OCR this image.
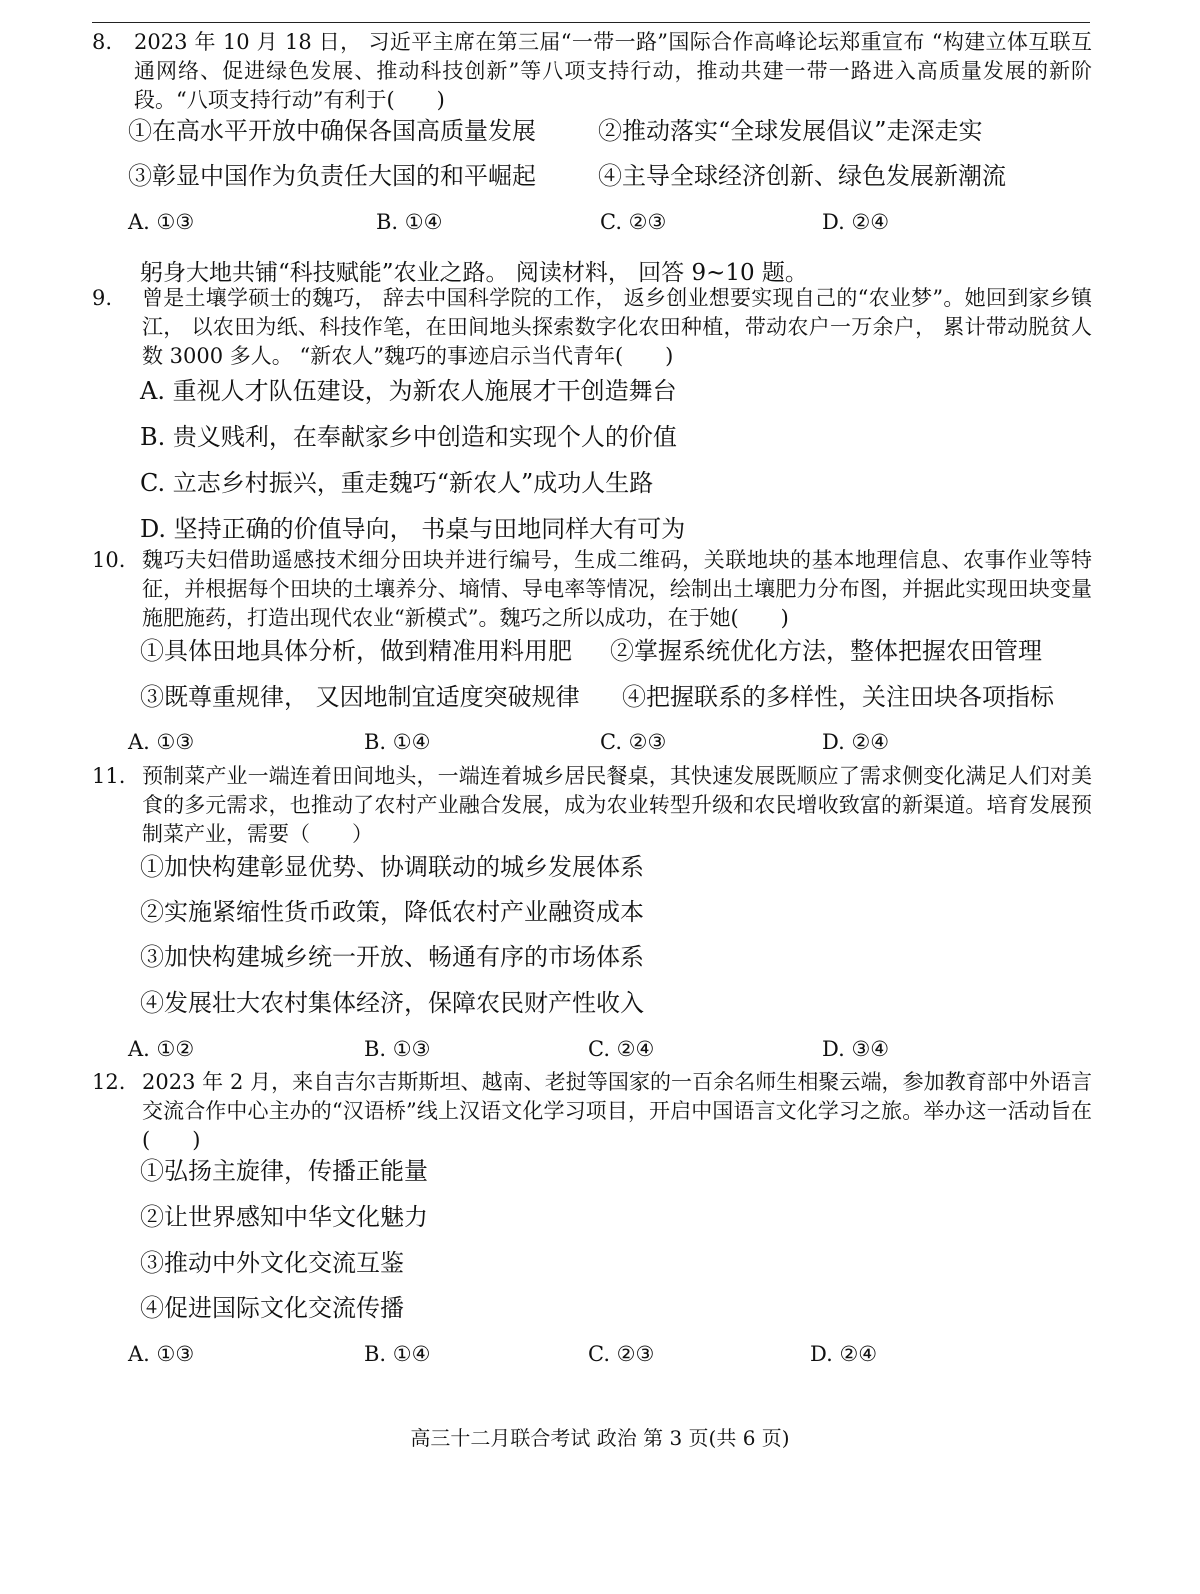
8.	2023 年 10 月 18 日， 习近平主席在第三届“一带一路”国际合作高峰论坛郑重宣布 “构建立体互联互通网络、促进绿色发展、推动科技创新”等八项支持行动，推动共建一带一路进入高质量发展的新阶段。“八项支持行动”有利于(　　)
①在高水平开放中确保各国高质量发展	②推动落实“全球发展倡议”走深走实
③彰显中国作为负责任大国的和平崛起	④主导全球经济创新、绿色发展新潮流
A. ①③	B. ①④	C. ②③	D. ②④
躬身大地共铺“科技赋能”农业之路。 阅读材料， 回答 9~10 题。
9.	曾是土壤学硕士的魏巧， 辞去中国科学院的工作， 返乡创业想要实现自己的“农业梦”。她回到家乡镇江， 以农田为纸、科技作笔，在田间地头探索数字化农田种植，带动农户一万余户， 累计带动脱贫人数 3000 多人。 “新农人”魏巧的事迹启示当代青年(　　)
A. 重视人才队伍建设，为新农人施展才干创造舞台
B. 贵义贱利，在奉献家乡中创造和实现个人的价值
C. 立志乡村振兴，重走魏巧“新农人”成功人生路
D. 坚持正确的价值导向， 书桌与田地同样大有可为
10. 魏巧夫妇借助遥感技术细分田块并进行编号，生成二维码，关联地块的基本地理信息、农事作业等特征，并根据每个田块的土壤养分、墒情、导电率等情况，绘制出土壤肥力分布图，并据此实现田块变量施肥施药，打造出现代农业“新模式”。魏巧之所以成功，在于她(　　)
①具体田地具体分析，做到精准用料用肥 ②掌握系统优化方法，整体把握农田管理
③既尊重规律， 又因地制宜适度突破规律 ④把握联系的多样性，关注田块各项指标
A. ①③	B. ①④	C. ②③	D. ②④
11. 预制菜产业一端连着田间地头，一端连着城乡居民餐桌，其快速发展既顺应了需求侧变化满足人们对美食的多元需求，也推动了农村产业融合发展，成为农业转型升级和农民增收致富的新渠道。培育发展预制菜产业，需要（　　）
①加快构建彰显优势、协调联动的城乡发展体系
②实施紧缩性货币政策，降低农村产业融资成本
③加快构建城乡统一开放、畅通有序的市场体系
④发展壮大农村集体经济，保障农民财产性收入
A. ①②	B. ①③	C. ②④	D. ③④
12. 2023 年 2 月，来自吉尔吉斯斯坦、越南、老挝等国家的一百余名师生相聚云端，参加教育部中外语言交流合作中心主办的“汉语桥”线上汉语文化学习项目，开启中国语言文化学习之旅。举办这一活动旨在(　　)
①弘扬主旋律，传播正能量
②让世界感知中华文化魅力
③推动中外文化交流互鉴
④促进国际文化交流传播
A. ①③	B. ①④	C. ②③	D. ②④
高三十二月联合考试 政治 第 3 页(共 6 页)
